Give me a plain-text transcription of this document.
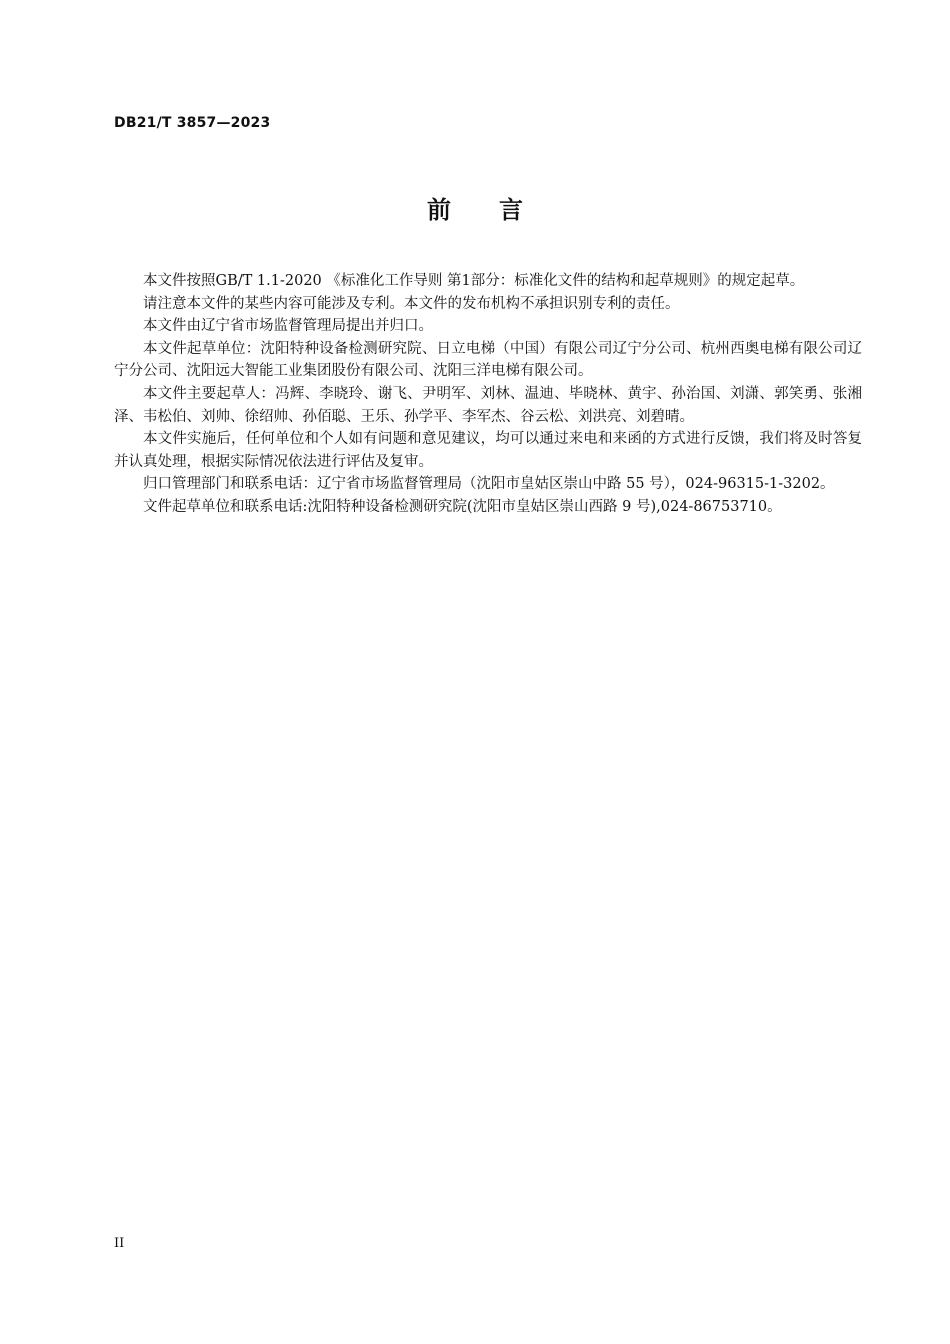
DB21/T 3857—2023
前言

本文件按照GB/T 1.1-2020 《标准化工作导则 第1部分：标准化文件的结构和起草规则》的规定起草。

请注意本文件的某些内容可能涉及专利。本文件的发布机构不承担识别专利的责任。

本文件由辽宁省市场监督管理局提出并归口。

本文件起草单位：沈阳特种设备检测研究院、日立电梯（中国）有限公司辽宁分公司、杭州西奥电梯有限公司辽宁分公司、沈阳远大智能工业集团股份有限公司、沈阳三洋电梯有限公司。

本文件主要起草人：冯辉、李晓玲、谢飞、尹明军、刘林、温迪、毕晓林、黄宇、孙治国、刘潇、郭笑勇、张湘泽、韦松伯、刘帅、徐绍帅、孙佰聪、王乐、孙学平、李军杰、谷云松、刘洪亮、刘碧晴。

本文件实施后，任何单位和个人如有问题和意见建议，均可以通过来电和来函的方式进行反馈，我们将及时答复并认真处理，根据实际情况依法进行评估及复审。

归口管理部门和联系电话：辽宁省市场监督管理局（沈阳市皇姑区崇山中路 55 号），024-96315-1-3202。

文件起草单位和联系电话:沈阳特种设备检测研究院(沈阳市皇姑区崇山西路 9 号),024-86753710。

II
